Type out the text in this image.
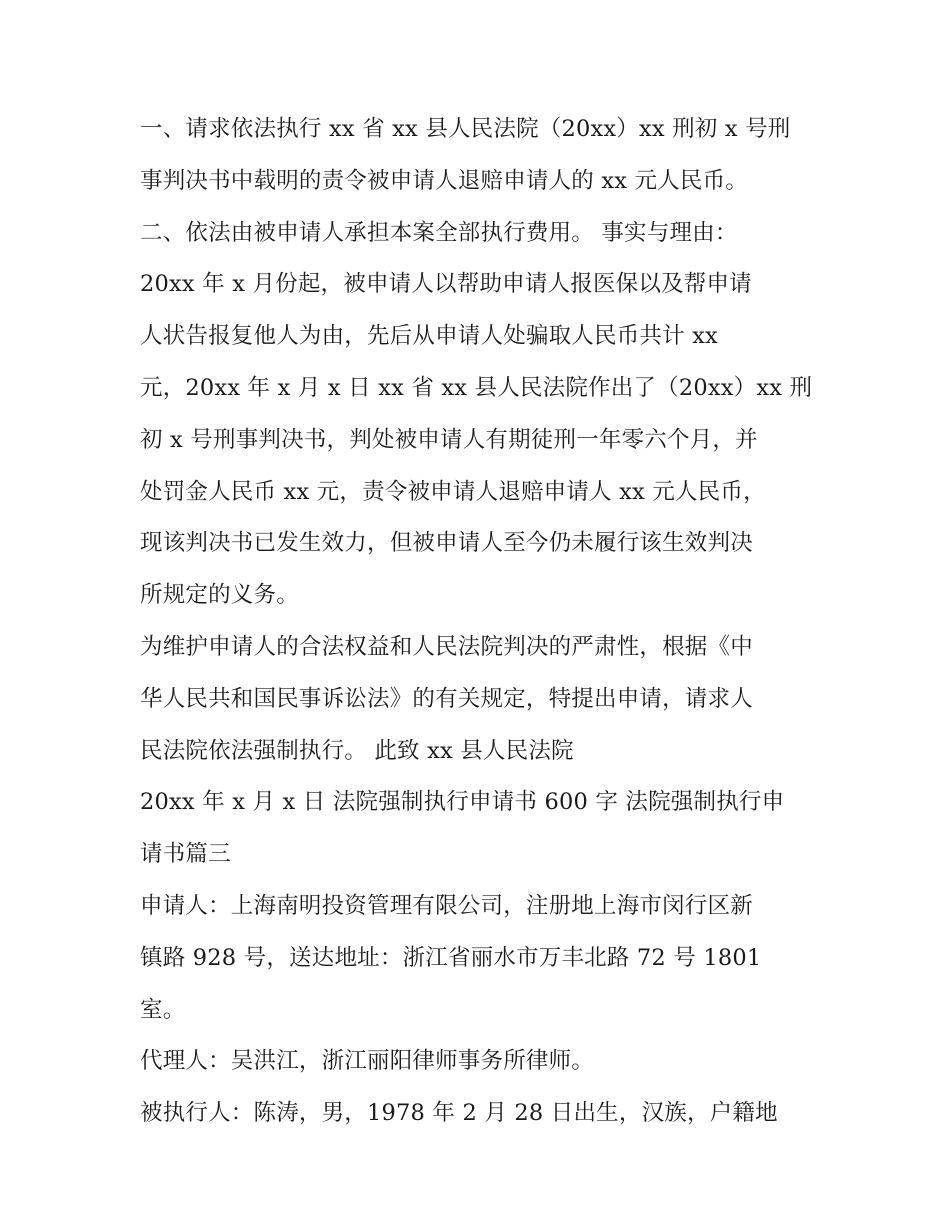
一、请求依法执行 xx 省 xx 县人民法院（20xx）xx 刑初 x 号刑
事判决书中载明的责令被申请人退赔申请人的 xx 元人民币。
二、依法由被申请人承担本案全部执行费用。 事实与理由：
20xx 年 x 月份起，被申请人以帮助申请人报医保以及帮申请
人状告报复他人为由，先后从申请人处骗取人民币共计 xx
元，20xx 年 x 月 x 日 xx 省 xx 县人民法院作出了（20xx）xx 刑
初 x 号刑事判决书，判处被申请人有期徒刑一年零六个月，并
处罚金人民币 xx 元，责令被申请人退赔申请人 xx 元人民币，
现该判决书已发生效力，但被申请人至今仍未履行该生效判决
所规定的义务。
为维护申请人的合法权益和人民法院判决的严肃性，根据《中
华人民共和国民事诉讼法》的有关规定，特提出申请，请求人
民法院依法强制执行。 此致 xx 县人民法院
20xx 年 x 月 x 日 法院强制执行申请书 600 字 法院强制执行申
请书篇三
申请人：上海南明投资管理有限公司，注册地上海市闵行区新
镇路 928 号，送达地址：浙江省丽水市万丰北路 72 号 1801
室。
代理人：吴洪江，浙江丽阳律师事务所律师。
被执行人：陈涛，男，1978 年 2 月 28 日出生，汉族，户籍地
